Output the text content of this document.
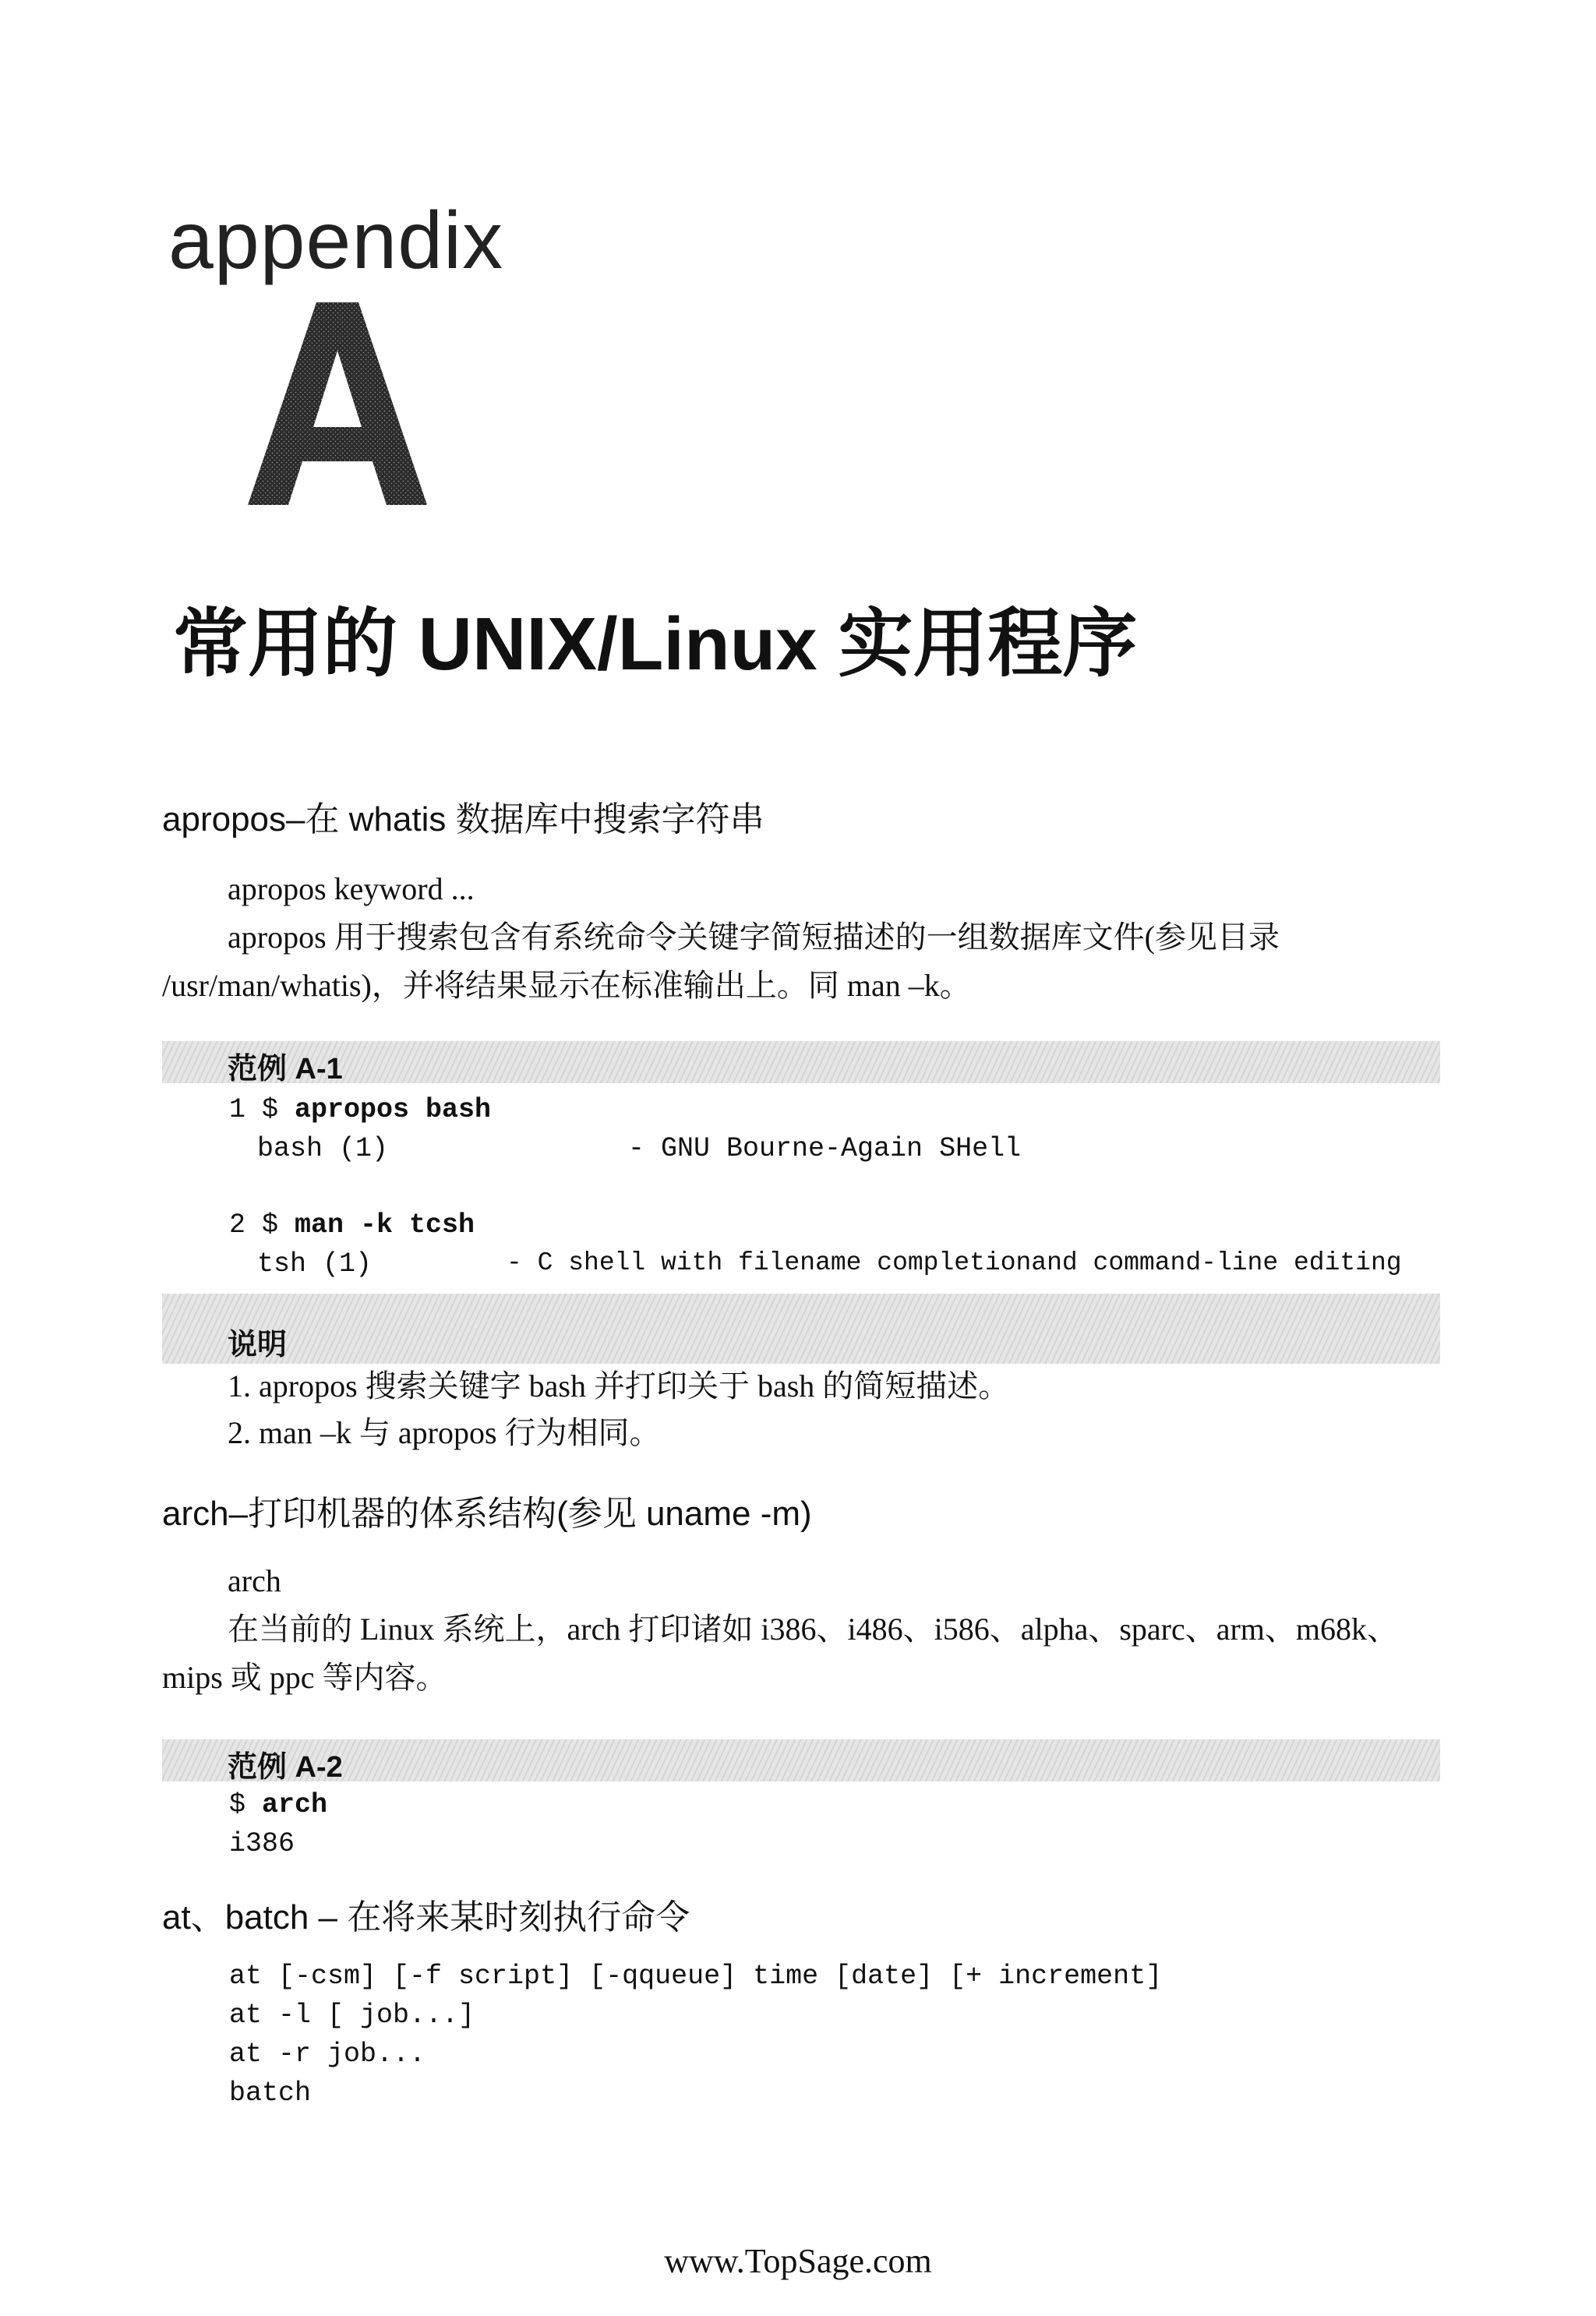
appendix
A
常用的 UNIX/Linux 实用程序
apropos–在 whatis 数据库中搜索字符串
apropos keyword ...
apropos 用于搜索包含有系统命令关键字简短描述的一组数据库文件(参见目录
/usr/man/whatis)，并将结果显示在标准输出上。同 man –k。
范例 A-1
1 $ apropos bash
bash (1)	- GNU Bourne-Again SHell
2 $ man -k tcsh
tsh (1)	- C shell with filename completionand command-line editing
说明
1. apropos 搜索关键字 bash 并打印关于 bash 的简短描述。
2. man –k 与 apropos 行为相同。
arch–打印机器的体系结构(参见 uname -m)
arch
在当前的 Linux 系统上，arch 打印诸如 i386、i486、i586、alpha、sparc、arm、m68k、
mips 或 ppc 等内容。
范例 A-2
$ arch
i386
at、batch – 在将来某时刻执行命令
at [-csm] [-f script] [-qqueue] time [date] [+ increment]
at -l [ job...]
at -r job...
batch
www.TopSage.com
